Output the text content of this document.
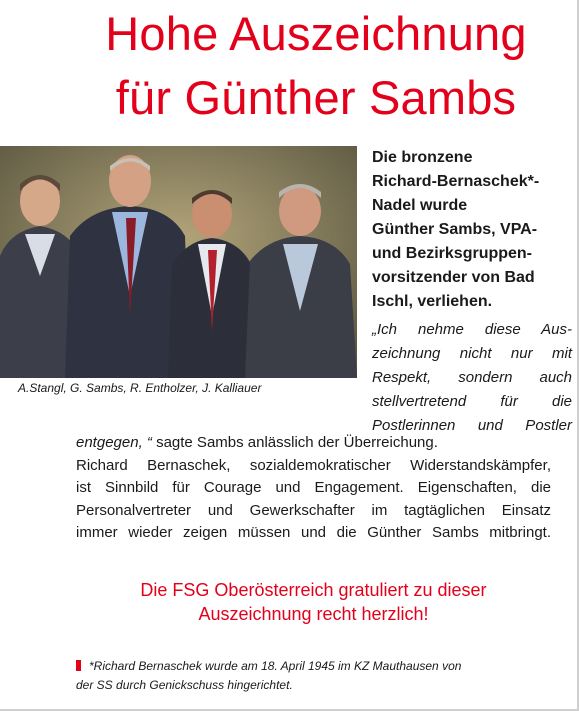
Hohe Auszeichnung
für Günther Sambs
A.Stangl, G. Sambs, R. Entholzer, J. Kalliauer
Die bronzene
Richard-Bernaschek*-
Nadel wurde
Günther Sambs, VPA-
und Bezirksgruppen-
vorsitzender von Bad
Ischl, verliehen.
„Ich nehme diese Aus-
zeichnung nicht nur mit
Respekt, sondern auch
stellvertretend für die
Postlerinnen und Postler
entgegen, “ sagte Sambs anlässlich der Überreichung.
Richard Bernaschek, sozialdemokratischer Widerstandskämpfer,
ist Sinnbild für Courage und Engagement. Eigenschaften, die
Personalvertreter und Gewerkschafter im tagtäglichen Einsatz
immer wieder zeigen müssen und die Günther Sambs mitbringt.
Die FSG Oberösterreich gratuliert zu dieser
Auszeichnung recht herzlich!
*Richard Bernaschek wurde am 18. April 1945 im KZ Mauthausen von
der SS durch Genickschuss hingerichtet.
